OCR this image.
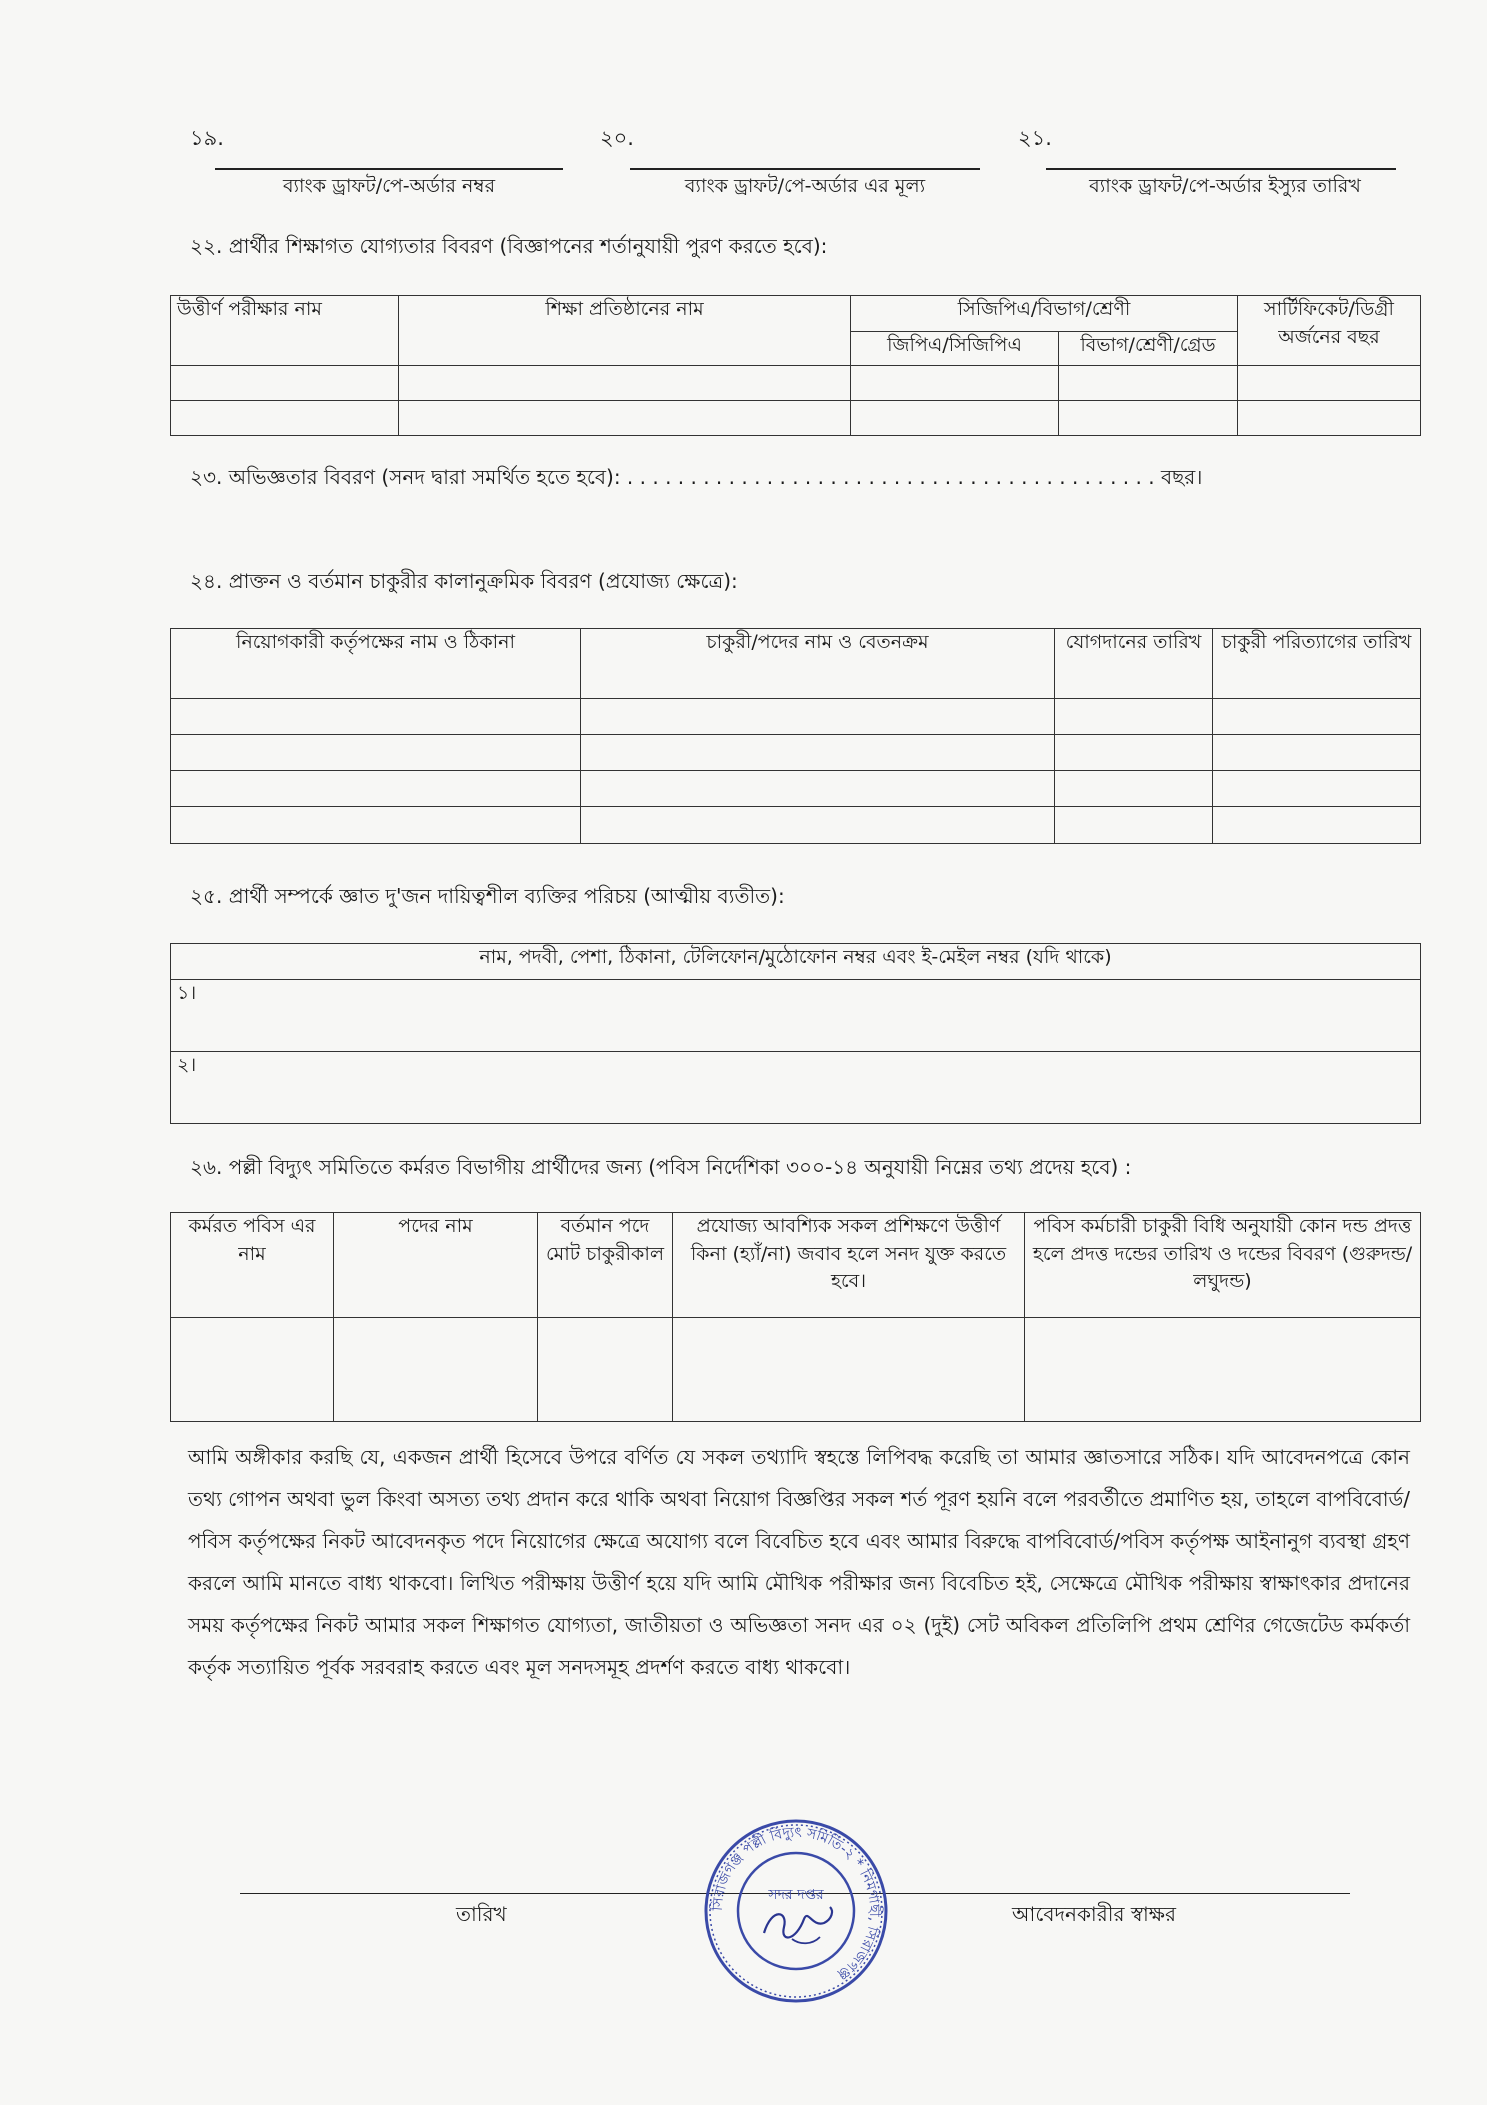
১৯.	২০.	২১.
ব্যাংক ড্রাফট/পে-অর্ডার নম্বর	ব্যাংক ড্রাফট/পে-অর্ডার এর মূল্য	ব্যাংক ড্রাফট/পে-অর্ডার ইস্যুর তারিখ
২২. প্রার্থীর শিক্ষাগত যোগ্যতার বিবরণ (বিজ্ঞাপনের শর্তানুযায়ী পুরণ করতে হবে):
উত্তীর্ণ পরীক্ষার নাম	শিক্ষা প্রতিষ্ঠানের নাম	সিজিপিএ/বিভাগ/শ্রেণী		সার্টিফিকেট/ডিগ্রী অর্জনের বছর
		জিপিএ/সিজিপিএ	বিভাগ/শ্রেণী/গ্রেড	

২৩. অভিজ্ঞতার বিবরণ (সনদ দ্বারা সমর্থিত হতে হবে): . . . . . . . . . . . . . . . . . . . . . . . . . . . . . . . . . . . . . . . . . . বছর।
২৪. প্রাক্তন ও বর্তমান চাকুরীর কালানুক্রমিক বিবরণ (প্রযোজ্য ক্ষেত্রে):
নিয়োগকারী কর্তৃপক্ষের নাম ও ঠিকানা	চাকুরী/পদের নাম ও বেতনক্রম	যোগদানের তারিখ	চাকুরী পরিত্যাগের তারিখ

২৫. প্রার্থী সম্পর্কে জ্ঞাত দু'জন দায়িত্বশীল ব্যক্তির পরিচয় (আত্মীয় ব্যতীত):
নাম, পদবী, পেশা, ঠিকানা, টেলিফোন/মুঠোফোন নম্বর এবং ই-মেইল নম্বর (যদি থাকে)
১।
২।
২৬. পল্লী বিদ্যুৎ সমিতিতে কর্মরত বিভাগীয় প্রার্থীদের জন্য (পবিস নির্দেশিকা ৩০০-১৪ অনুযায়ী নিম্নের তথ্য প্রদেয় হবে) :
কর্মরত পবিস এর নাম	পদের নাম	বর্তমান পদে মোট চাকুরীকাল	প্রযোজ্য আবশ্যিক সকল প্রশিক্ষণে উত্তীর্ণ কিনা (হ্যাঁ/না) জবাব হলে সনদ যুক্ত করতে হবে।	পবিস কর্মচারী চাকুরী বিধি অনুযায়ী কোন দন্ড প্রদত্ত হলে প্রদত্ত দন্ডের তারিখ ও দন্ডের বিবরণ (গুরুদন্ড/লঘুদন্ড)

আমি অঙ্গীকার করছি যে, একজন প্রার্থী হিসেবে উপরে বর্ণিত যে সকল তথ্যাদি স্বহস্তে লিপিবদ্ধ করেছি তা আমার জ্ঞাতসারে সঠিক। যদি আবেদনপত্রে কোন তথ্য গোপন অথবা ভুল কিংবা অসত্য তথ্য প্রদান করে থাকি অথবা নিয়োগ বিজ্ঞপ্তির সকল শর্ত পূরণ হয়নি বলে পরবর্তীতে প্রমাণিত হয়, তাহলে বাপবিবোর্ড/পবিস কর্তৃপক্ষের নিকট আবেদনকৃত পদে নিয়োগের ক্ষেত্রে অযোগ্য বলে বিবেচিত হবে এবং আমার বিরুদ্ধে বাপবিবোর্ড/পবিস কর্তৃপক্ষ আইনানুগ ব্যবস্থা গ্রহণ করলে আমি মানতে বাধ্য থাকবো। লিখিত পরীক্ষায় উত্তীর্ণ হয়ে যদি আমি মৌখিক পরীক্ষার জন্য বিবেচিত হই, সেক্ষেত্রে মৌখিক পরীক্ষায় স্বাক্ষাৎকার প্রদানের সময় কর্তৃপক্ষের নিকট আমার সকল শিক্ষাগত যোগ্যতা, জাতীয়তা ও অভিজ্ঞতা সনদ এর ০২ (দুই) সেট অবিকল প্রতিলিপি প্রথম শ্রেণির গেজেটেড কর্মকর্তা কর্তৃক সত্যায়িত পূর্বক সরবরাহ করতে এবং মূল সনদসমূহ প্রদর্শণ করতে বাধ্য থাকবো।
তারিখ	আবেদনকারীর স্বাক্ষর
সিরাজগঞ্জ পল্লী বিদ্যুৎ সমিতি-২ * নিমগাছী, সিরাজগঞ্জ
সদর দপ্তর
